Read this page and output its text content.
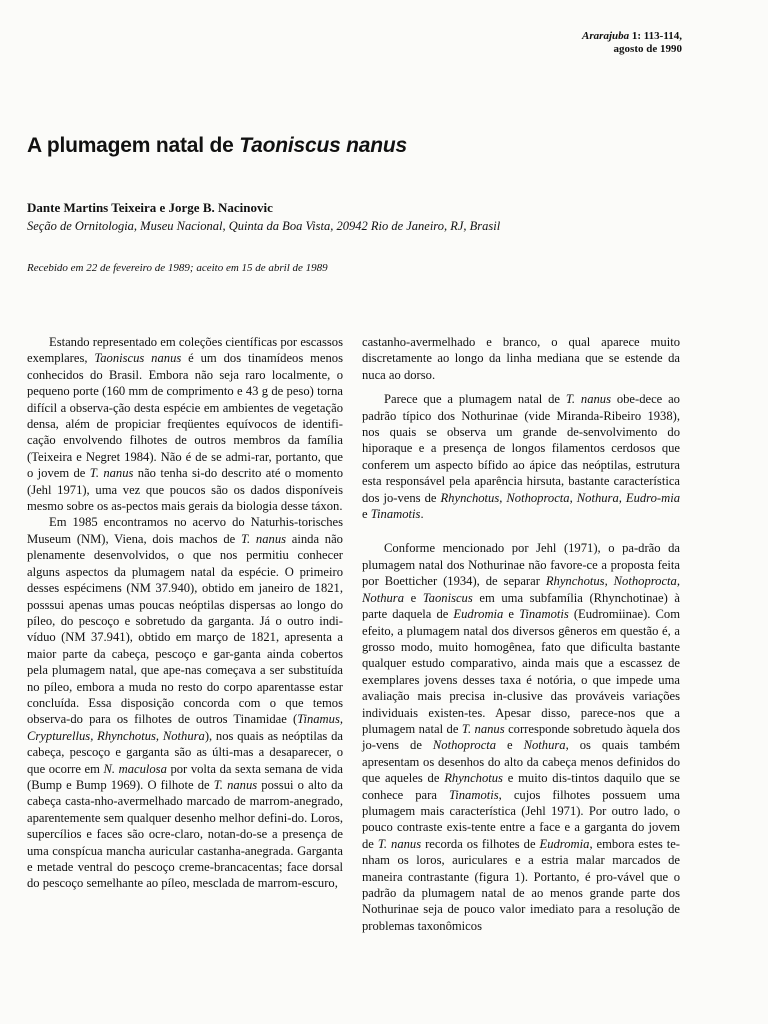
Ararajuba 1: 113-114,
agosto de 1990
A plumagem natal de Taoniscus nanus
Dante Martins Teixeira e Jorge B. Nacinovic
Seção de Ornitologia, Museu Nacional, Quinta da Boa Vista, 20942 Rio de Janeiro, RJ, Brasil
Recebido em 22 de fevereiro de 1989; aceito em 15 de abril de 1989

Estando representado em coleções científicas por escassos exemplares, Taoniscus nanus é um dos tinamídeos menos conhecidos do Brasil. Embora não seja raro localmente, o pequeno porte (160 mm de comprimento e 43 g de peso) torna difícil a observa-ção desta espécie em ambientes de vegetação densa, além de propiciar freqüentes equívocos de identifi-cação envolvendo filhotes de outros membros da família (Teixeira e Negret 1984). Não é de se admi-rar, portanto, que o jovem de T. nanus não tenha si-do descrito até o momento (Jehl 1971), uma vez que poucos são os dados disponíveis mesmo sobre os as-pectos mais gerais da biologia desse táxon.

Em 1985 encontramos no acervo do Naturhis-torisches Museum (NM), Viena, dois machos de T. nanus ainda não plenamente desenvolvidos, o que nos permitiu conhecer alguns aspectos da plumagem natal da espécie. O primeiro desses espécimens (NM 37.940), obtido em janeiro de 1821, posssui apenas umas poucas neóptilas dispersas ao longo do píleo, do pescoço e sobretudo da garganta. Já o outro indi-víduo (NM 37.941), obtido em março de 1821, apresenta a maior parte da cabeça, pescoço e gar-ganta ainda cobertos pela plumagem natal, que ape-nas começava a ser substituída no píleo, embora a muda no resto do corpo aparentasse estar concluída. Essa disposição concorda com o que temos observa-do para os filhotes de outros Tinamidae (Tinamus, Crypturellus, Rhynchotus, Nothura), nos quais as neóptilas da cabeça, pescoço e garganta são as últi-mas a desaparecer, o que ocorre em N. maculosa por volta da sexta semana de vida (Bump e Bump 1969). O filhote de T. nanus possui o alto da cabeça casta-nho-avermelhado marcado de marrom-anegrado, aparentemente sem qualquer desenho melhor defini-do. Loros, supercílios e faces são ocre-claro, notan-do-se a presença de uma conspícua mancha auricular castanha-anegrada. Garganta e metade ventral do pescoço creme-brancacentas; face dorsal do pescoço semelhante ao píleo, mesclada de marrom-escuro,

castanho-avermelhado e branco, o qual aparece muito discretamente ao longo da linha mediana que se estende da nuca ao dorso.

Parece que a plumagem natal de T. nanus obe-dece ao padrão típico dos Nothurinae (vide Miranda-Ribeiro 1938), nos quais se observa um grande de-senvolvimento do hiporaque e a presença de longos filamentos cerdosos que conferem um aspecto bífido ao ápice das neóptilas, estrutura esta responsável pela aparência hirsuta, bastante característica dos jo-vens de Rhynchotus, Nothoprocta, Nothura, Eudro-mia e Tinamotis.

Conforme mencionado por Jehl (1971), o pa-drão da plumagem natal dos Nothurinae não favore-ce a proposta feita por Boetticher (1934), de separar Rhynchotus, Nothoprocta, Nothura e Taoniscus em uma subfamília (Rhynchotinae) à parte daquela de Eudromia e Tinamotis (Eudromiinae). Com efeito, a plumagem natal dos diversos gêneros em questão é, a grosso modo, muito homogênea, fato que dificulta bastante qualquer estudo comparativo, ainda mais que a escassez de exemplares jovens desses taxa é notória, o que impede uma avaliação mais precisa in-clusive das prováveis variações individuais existen-tes. Apesar disso, parece-nos que a plumagem natal de T. nanus corresponde sobretudo àquela dos jo-vens de Nothoprocta e Nothura, os quais também apresentam os desenhos do alto da cabeça menos definidos do que aqueles de Rhynchotus e muito dis-tintos daquilo que se conhece para Tinamotis, cujos filhotes possuem uma plumagem mais característica (Jehl 1971). Por outro lado, o pouco contraste exis-tente entre a face e a garganta do jovem de T. nanus recorda os filhotes de Eudromia, embora estes te-nham os loros, auriculares e a estria malar marcados de maneira contrastante (figura 1). Portanto, é pro-vável que o padrão da plumagem natal de ao menos grande parte dos Nothurinae seja de pouco valor imediato para a resolução de problemas taxonômicos
